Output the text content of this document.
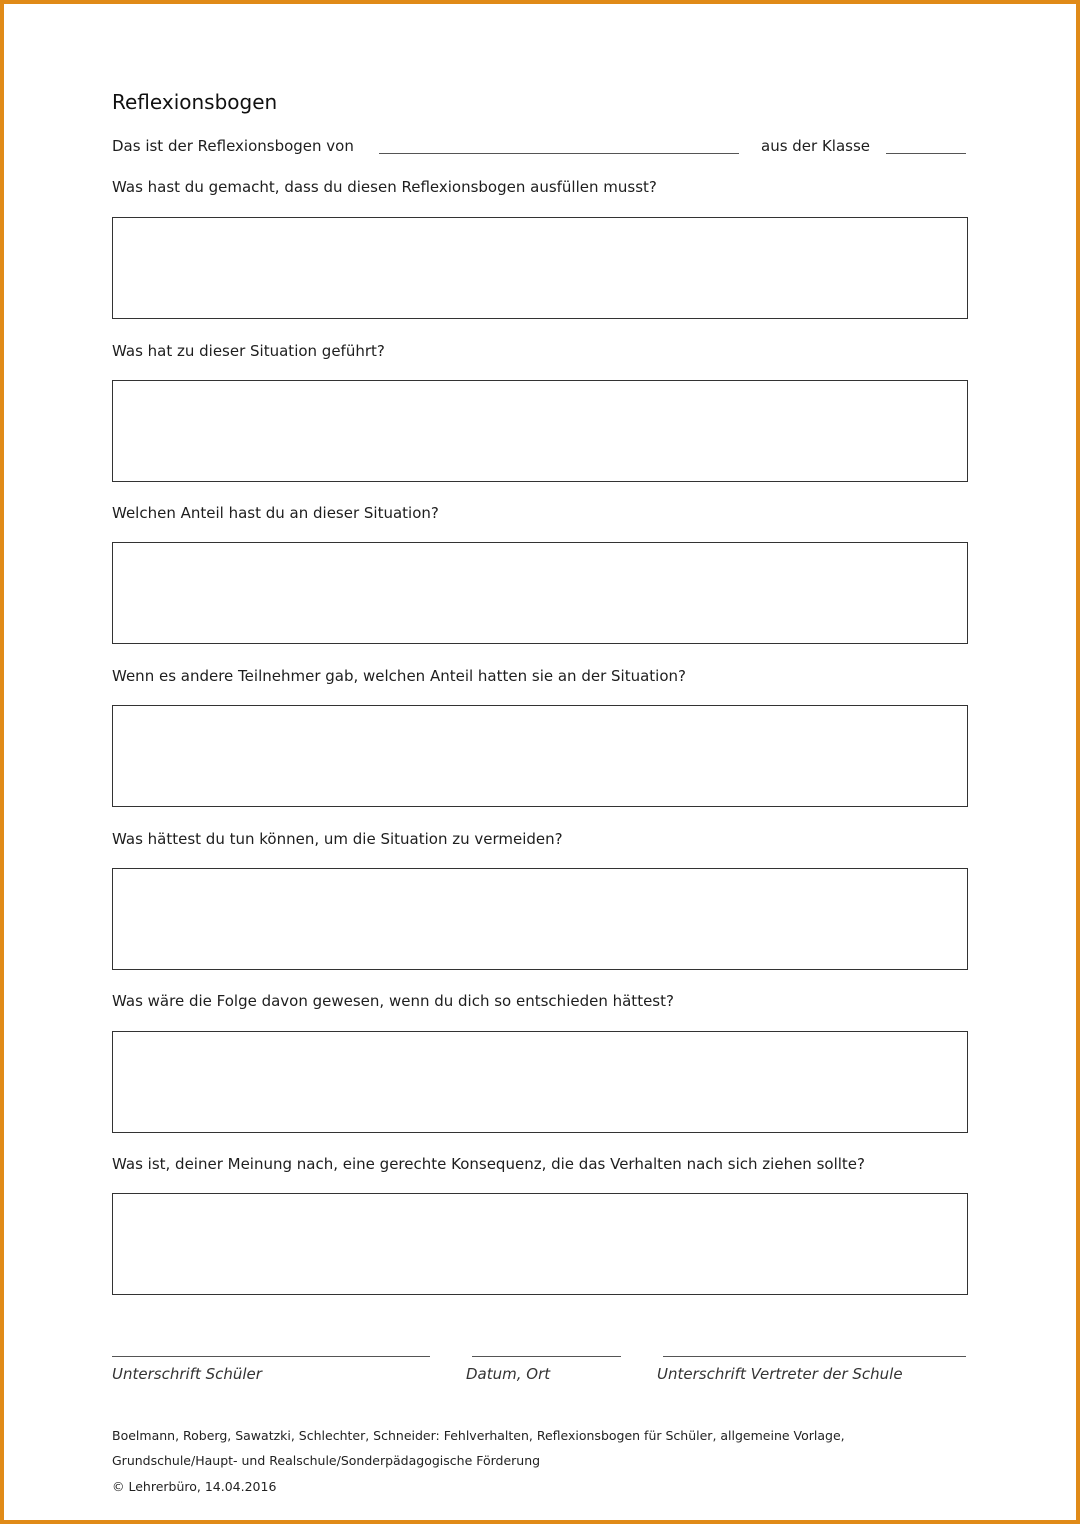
Reflexionsbogen
Das ist der Reflexionsbogen von	aus der Klasse
Was hast du gemacht, dass du diesen Reflexionsbogen ausfüllen musst?
Was hat zu dieser Situation geführt?
Welchen Anteil hast du an dieser Situation?
Wenn es andere Teilnehmer gab, welchen Anteil hatten sie an der Situation?
Was hättest du tun können, um die Situation zu vermeiden?
Was wäre die Folge davon gewesen, wenn du dich so entschieden hättest?
Was ist, deiner Meinung nach, eine gerechte Konsequenz, die das Verhalten nach sich ziehen sollte?
Unterschrift Schüler	Datum, Ort	Unterschrift Vertreter der Schule
Boelmann, Roberg, Sawatzki, Schlechter, Schneider: Fehlverhalten, Reflexionsbogen für Schüler, allgemeine Vorlage,
Grundschule/Haupt- und Realschule/Sonderpädagogische Förderung
© Lehrerbüro, 14.04.2016
